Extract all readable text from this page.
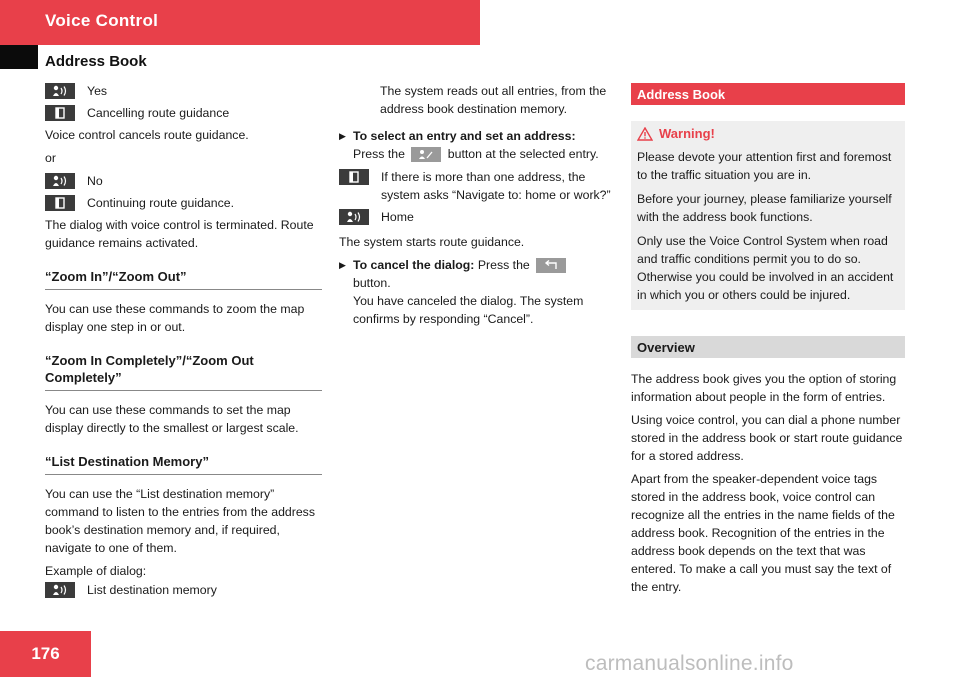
Voice Control
Address Book
Yes
Cancelling route guidance

Voice control cancels route guidance.

or

No
Continuing route guidance.

The dialog with voice control is terminated. Route guidance remains activated.

“Zoom In”/“Zoom Out”

You can use these commands to zoom the map display one step in or out.

“Zoom In Completely”/“Zoom Out Completely”

You can use these commands to set the map display directly to the smallest or largest scale.

“List Destination Memory”

You can use the “List destination memory” command to listen to the entries from the address book’s destination memory and, if required, navigate to one of them.

Example of dialog:

List destination memory

The system reads out all entries, from the address book destination memory.

▶ To select an entry and set an address:
Press the	button at the selected entry.
If there is more than one address, the system asks “Navigate to: home or work?”
Home

The system starts route guidance.

▶ To cancel the dialog: Press the

button.
You have canceled the dialog. The system confirms by responding “Cancel”.
Address Book
Warning!

Please devote your attention first and foremost to the traffic situation you are in.

Before your journey, please familiarize yourself with the address book functions.

Only use the Voice Control System when road and traffic conditions permit you to do so. Otherwise you could be involved in an accident in which you or others could be injured.

Overview

The address book gives you the option of storing information about people in the form of entries.

Using voice control, you can dial a phone number stored in the address book or start route guidance for a stored address.

Apart from the speaker-dependent voice tags stored in the address book, voice control can recognize all the entries in the name fields of the address book. Recognition of the entries in the address book depends on the text that was entered. To make a call you must say the text of the entry.

176	carmanualsonline.info
